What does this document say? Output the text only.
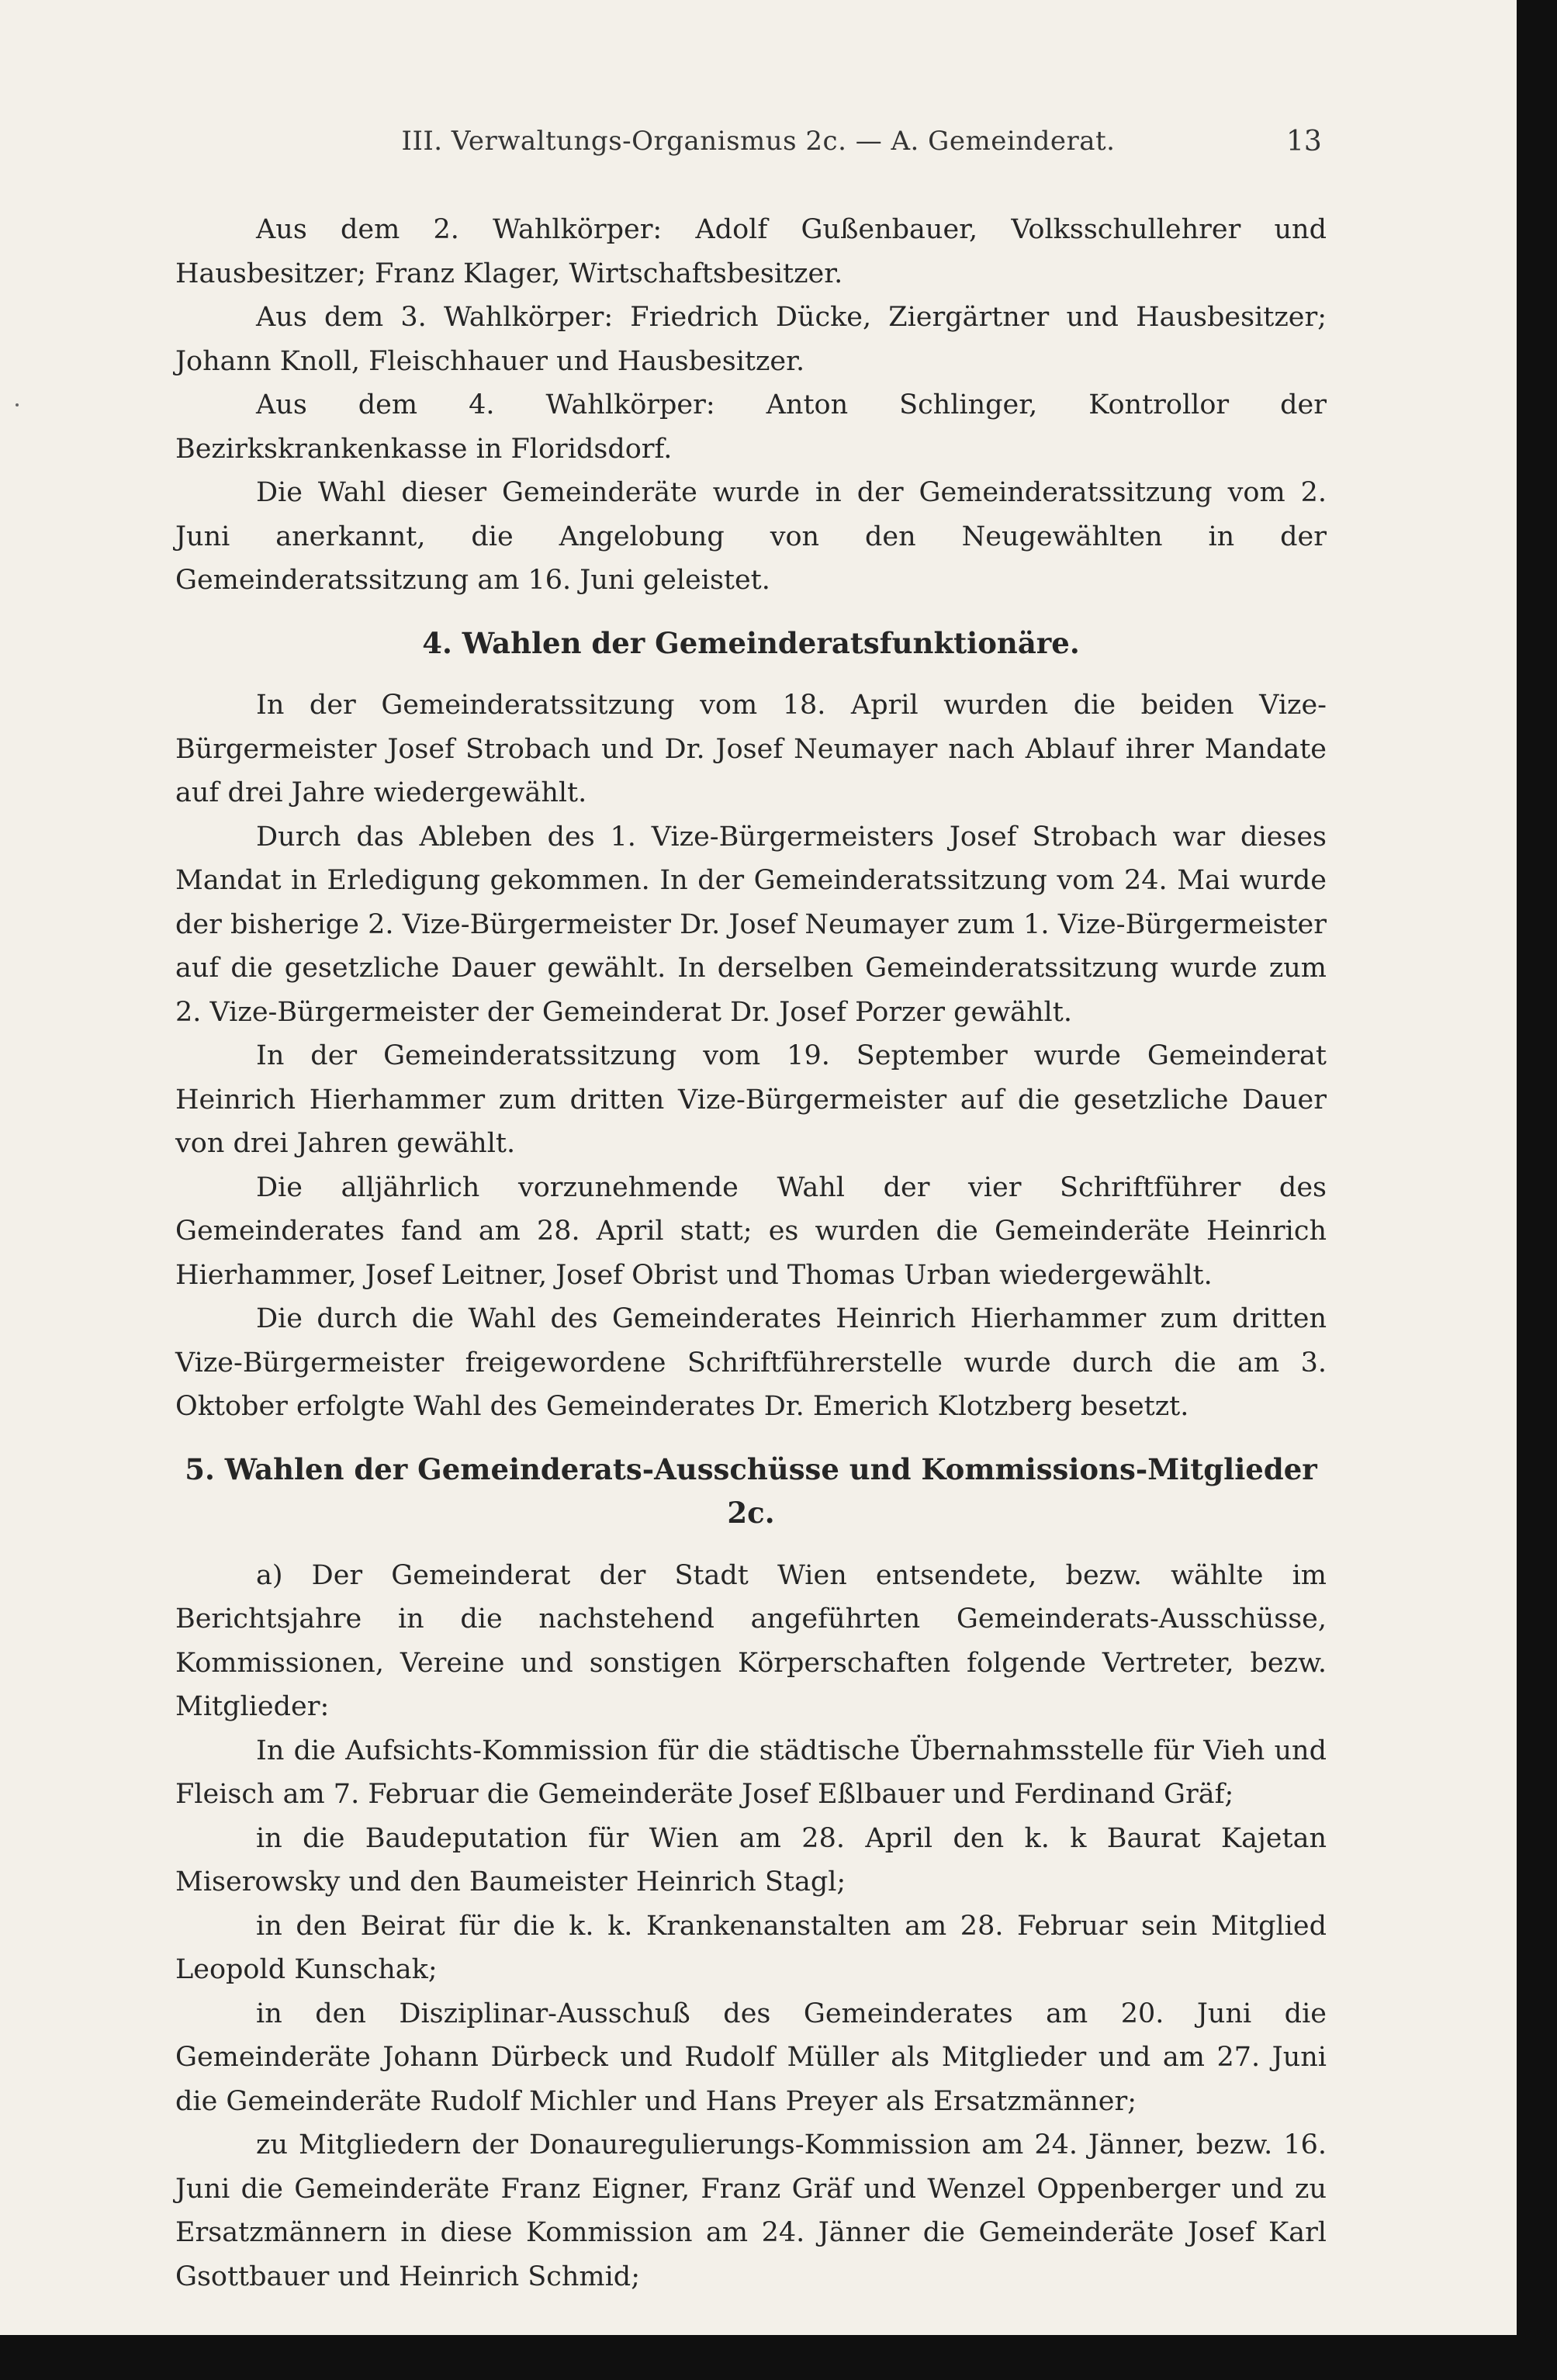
III. Verwaltungs-Organismus 2c. — A. Gemeinderat.	13

Aus dem 2. Wahlkörper: Adolf Gußenbauer, Volksschullehrer und Hausbesitzer; Franz Klager, Wirtschaftsbesitzer.

Aus dem 3. Wahlkörper: Friedrich Dücke, Ziergärtner und Hausbesitzer; Johann Knoll, Fleischhauer und Hausbesitzer.

Aus dem 4. Wahlkörper: Anton Schlinger, Kontrollor der Bezirkskrankenkasse in Floridsdorf.

Die Wahl dieser Gemeinderäte wurde in der Gemeinderatssitzung vom 2. Juni anerkannt, die Angelobung von den Neugewählten in der Gemeinderatssitzung am 16. Juni geleistet.

4. Wahlen der Gemeinderatsfunktionäre.

In der Gemeinderatssitzung vom 18. April wurden die beiden Vize-Bürgermeister Josef Strobach und Dr. Josef Neumayer nach Ablauf ihrer Mandate auf drei Jahre wiedergewählt.

Durch das Ableben des 1. Vize-Bürgermeisters Josef Strobach war dieses Mandat in Erledigung gekommen. In der Gemeinderatssitzung vom 24. Mai wurde der bisherige 2. Vize-Bürgermeister Dr. Josef Neumayer zum 1. Vize-Bürgermeister auf die gesetzliche Dauer gewählt. In derselben Gemeinderatssitzung wurde zum 2. Vize-Bürgermeister der Gemeinderat Dr. Josef Porzer gewählt.

In der Gemeinderatssitzung vom 19. September wurde Gemeinderat Heinrich Hierhammer zum dritten Vize-Bürgermeister auf die gesetzliche Dauer von drei Jahren gewählt.

Die alljährlich vorzunehmende Wahl der vier Schriftführer des Gemeinderates fand am 28. April statt; es wurden die Gemeinderäte Heinrich Hierhammer, Josef Leitner, Josef Obrist und Thomas Urban wiedergewählt.

Die durch die Wahl des Gemeinderates Heinrich Hierhammer zum dritten Vize-Bürgermeister freigewordene Schriftführerstelle wurde durch die am 3. Oktober erfolgte Wahl des Gemeinderates Dr. Emerich Klotzberg besetzt.

5. Wahlen der Gemeinderats-Ausschüsse und Kommissions-Mitglieder 2c.

a) Der Gemeinderat der Stadt Wien entsendete, bezw. wählte im Berichtsjahre in die nachstehend angeführten Gemeinderats-Ausschüsse, Kommissionen, Vereine und sonstigen Körperschaften folgende Vertreter, bezw. Mitglieder:

In die Aufsichts-Kommission für die städtische Übernahmsstelle für Vieh und Fleisch am 7. Februar die Gemeinderäte Josef Eßlbauer und Ferdinand Gräf;

in die Baudeputation für Wien am 28. April den k. k Baurat Kajetan Miserowsky und den Baumeister Heinrich Stagl;

in den Beirat für die k. k. Krankenanstalten am 28. Februar sein Mitglied Leopold Kunschak;

in den Disziplinar-Ausschuß des Gemeinderates am 20. Juni die Gemeinderäte Johann Dürbeck und Rudolf Müller als Mitglieder und am 27. Juni die Gemeinderäte Rudolf Michler und Hans Preyer als Ersatzmänner;

zu Mitgliedern der Donauregulierungs-Kommission am 24. Jänner, bezw. 16. Juni die Gemeinderäte Franz Eigner, Franz Gräf und Wenzel Oppenberger und zu Ersatzmännern in diese Kommission am 24. Jänner die Gemeinderäte Josef Karl Gsottbauer und Heinrich Schmid;
